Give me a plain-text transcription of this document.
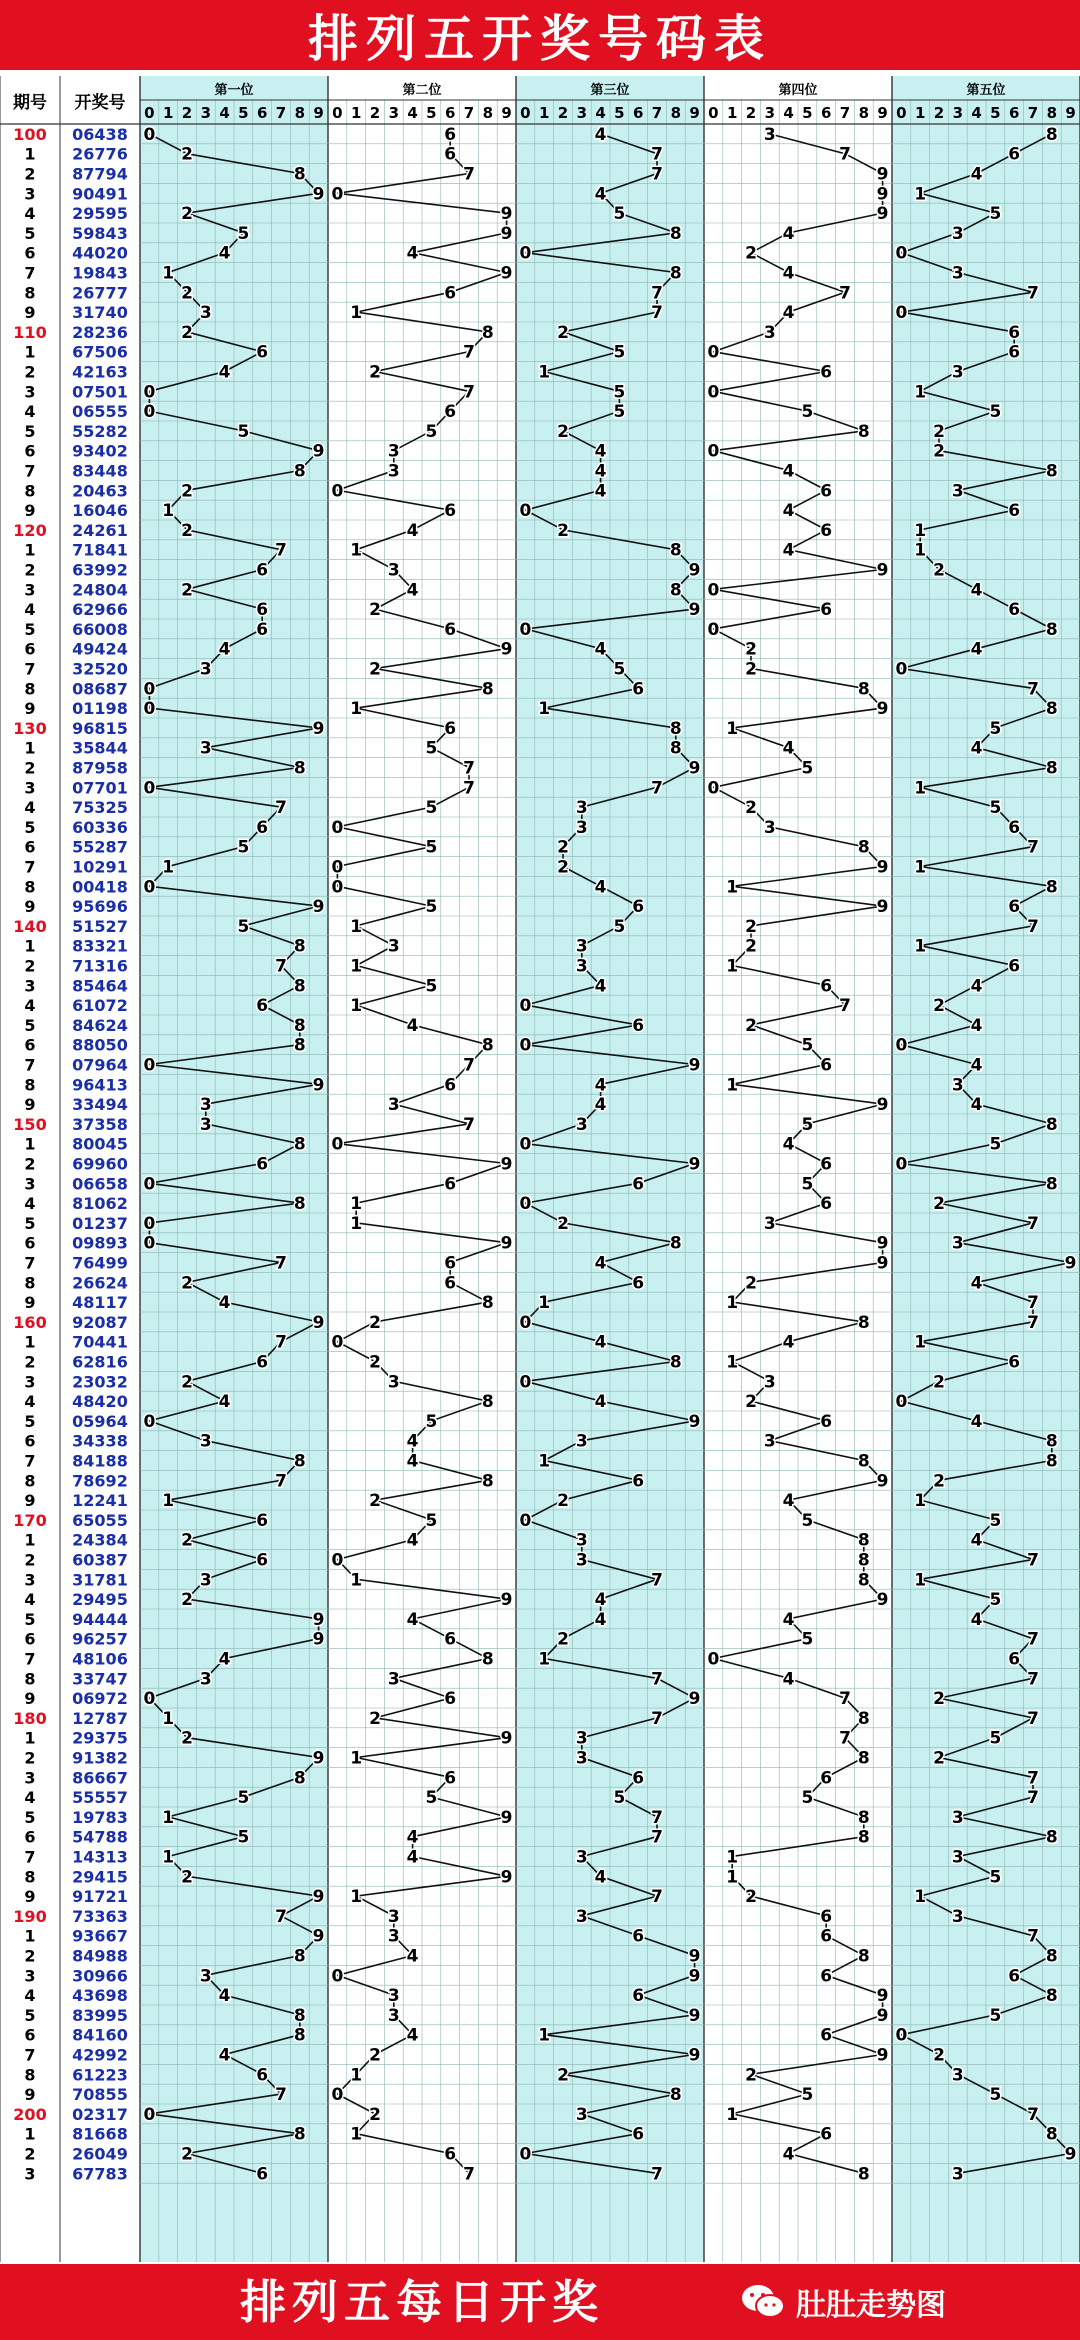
排列五开奖号码表
期号 开奖号
第一位
0 1 2 3 4 5 6 7 8 9
第二位
0 1 2 3 4 5 6 7 8 9
第三位
0 1 2 3 4 5 6 7 8 9
第四位
0 1 2 3 4 5 6 7 8 9
第五位
0 1 2 3 4 5 6 7 8 9
100 06438
1 26776
2 87794
3 90491
4 29595
5 59843
6 44020
7 19843
8 26777
9 31740
110 28236
1 67506
2 42163
3 07501
4 06555
5 55282
6 93402
7 83448
8 20463
9 16046
120 24261
1 71841
2 63992
3 24804
4 62966
5 66008
6 49424
7 32520
8 08687
9 01198
130 96815
1 35844
2 87958
3 07701
4 75325
5 60336
6 55287
7 10291
8 00418
9 95696
140 51527
1 83321
2 71316
3 85464
4 61072
5 84624
6 88050
7 07964
8 96413
9 33494
150 37358
1 80045
2 69960
3 06658
4 81062
5 01237
6 09893
7 76499
8 26624
9 48117
160 92087
1 70441
2 62816
3 23032
4 48420
5 05964
6 34338
7 84188
8 78692
9 12241
170 65055
1 24384
2 60387
3 31781
4 29495
5 94444
6 96257
7 48106
8 33747
9 06972
180 12787
1 29375
2 91382
3 86667
4 55557
5 19783
6 54788
7 14313
8 29415
9 91721
190 73363
1 93667
2 84988
3 30966
4 43698
5 83995
6 84160
7 42992
8 61223
9 70855
200 02317
1 81668
2 26049
3 67783
0
2
8
9
2
5
4
1
2
3
2
6
4
0
0
5
9
8
2
1
2
7
6
2
6
6
4
3
0
0
9
3
8
0
7
6
5
1
0
9
5
8
7
8
6
8
8
0
9
3
3
8
6
0
8
0
0
7
2
4
9
7
6
2
4
0
3
8
7
1
6
2
6
3
2
9
9
4
3
0
1
2
9
8
5
1
5
1
2
9
7
9
8
3
4
8
8
4
6
7
0
8
2
6
6
6
7
0
9
9
4
9
6
1
8
7
2
7
6
5
3
3
0
6
4
1
3
4
2
6
9
2
8
1
6
5
7
7
5
0
5
0
0
5
1
3
1
5
1
4
8
7
6
3
7
0
9
6
1
1
9
6
6
8
2
0
2
3
8
5
4
4
8
2
5
4
0
1
9
4
6
8
3
6
2
9
1
6
5
9
4
4
9
1
3
3
4
0
3
3
4
2
1
0
2
1
6
7
4
7
7
4
5
8
0
8
7
7
2
5
1
5
5
2
4
4
4
0
2
8
9
8
9
0
4
5
6
1
8
8
9
7
3
3
2
2
4
6
5
3
3
4
0
6
0
9
4
4
3
0
9
6
0
2
8
4
6
1
0
4
8
0
4
9
3
1
6
2
0
3
3
7
4
4
2
1
7
9
7
3
3
6
5
7
7
3
4
7
3
6
9
9
6
9
1
9
2
8
3
6
0
7
3
7
9
9
9
4
2
4
7
4
3
0
6
0
5
8
0
4
6
4
6
4
9
0
6
0
2
2
8
9
1
4
5
0
2
3
8
9
1
9
2
2
1
6
7
2
5
6
1
9
5
4
6
5
6
3
9
9
2
1
8
4
1
3
2
6
3
8
9
4
5
8
8
8
9
4
5
0
4
7
8
7
8
6
5
8
8
1
1
2
6
6
8
6
9
9
6
9
2
5
1
6
4
8
8
6
4
1
5
3
0
3
7
0
6
6
3
1
5
2
2
8
3
6
1
1
2
4
6
8
4
0
7
8
5
4
8
1
5
6
7
1
8
6
7
1
6
4
2
4
0
4
3
4
8
5
0
8
2
7
3
9
4
7
7
1
6
2
0
4
8
8
2
1
5
4
7
1
5
4
7
6
7
2
7
5
2
7
7
3
8
3
5
1
3
7
8
6
8
5
0
2
3
5
7
8
9
3
排列五每日开奖	肚肚走势图
